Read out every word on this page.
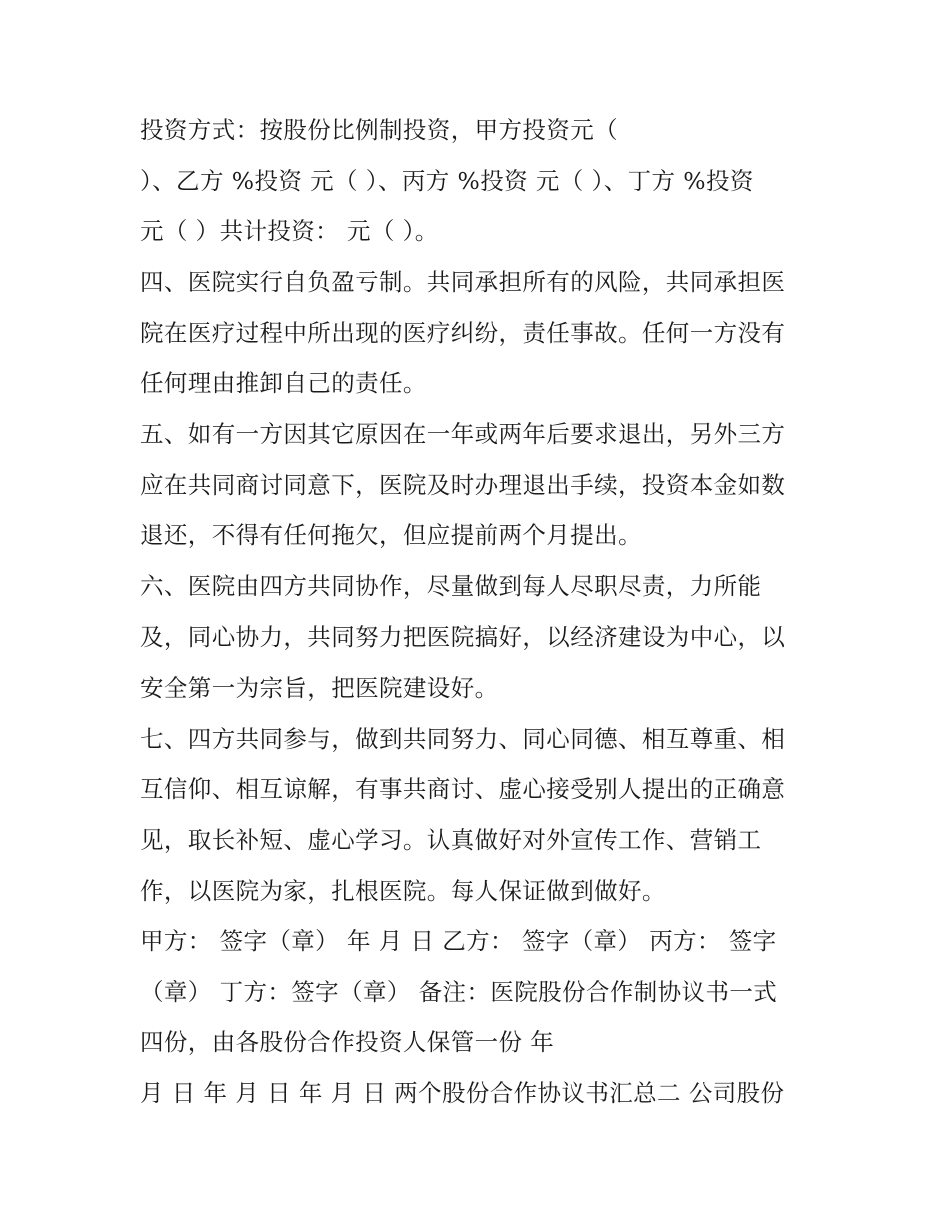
投资方式：按股份比例制投资，甲方投资元（
）、乙方 %投资 元（ ）、丙方 %投资 元（ ）、丁方 %投资
元（ ）共计投资： 元（ ）。
四、医院实行自负盈亏制。共同承担所有的风险，共同承担医
院在医疗过程中所出现的医疗纠纷，责任事故。任何一方没有
任何理由推卸自己的责任。
五、如有一方因其它原因在一年或两年后要求退出，另外三方
应在共同商讨同意下，医院及时办理退出手续，投资本金如数
退还，不得有任何拖欠，但应提前两个月提出。
六、医院由四方共同协作，尽量做到每人尽职尽责，力所能
及，同心协力，共同努力把医院搞好，以经济建设为中心，以
安全第一为宗旨，把医院建设好。
七、四方共同参与，做到共同努力、同心同德、相互尊重、相
互信仰、相互谅解，有事共商讨、虚心接受别人提出的正确意
见，取长补短、虚心学习。认真做好对外宣传工作、营销工
作，以医院为家，扎根医院。每人保证做到做好。
甲方： 签字（章） 年 月 日 乙方： 签字（章） 丙方： 签字
（章） 丁方：签字（章） 备注：医院股份合作制协议书一式
四份，由各股份合作投资人保管一份 年
月 日 年 月 日 年 月 日 两个股份合作协议书汇总二 公司股份
